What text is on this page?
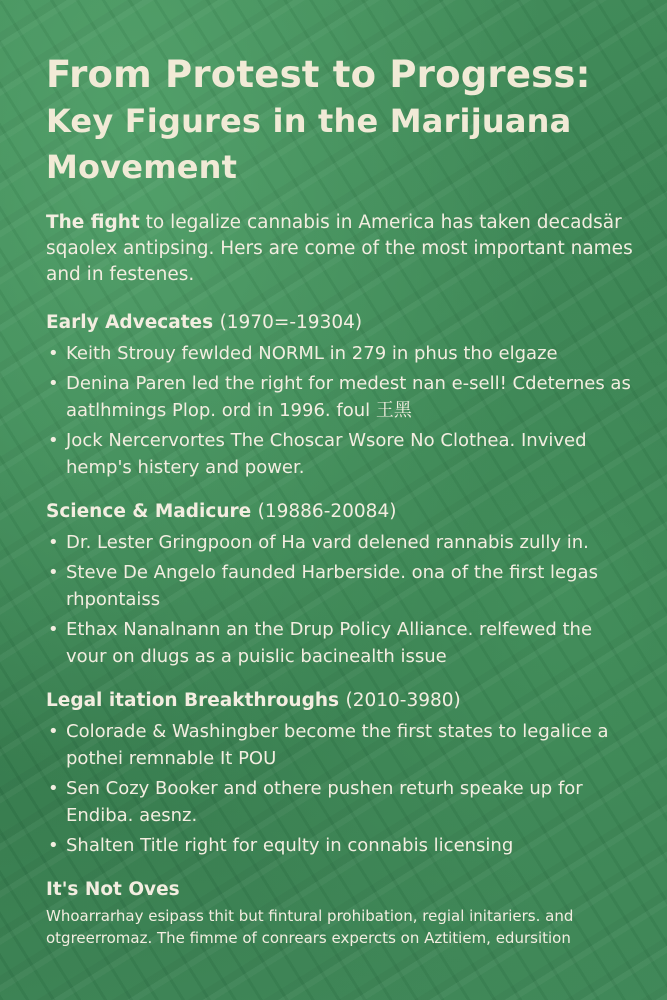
From Protest to Progress:
Key Figures in the Marijuana Movement

The fight to legalize cannabis in America has taken decadsär sqaolex antipsing. Hers are come of the most important names and in festenes.

Early Advecates (1970=-19304)
• Keith Strouy fewlded NORML in 279 in phus tho elgaze
• Denina Paren led the right for medest nan e-sell! Cdeternes as aatlhmings Plop. ord in 1996. foul 王黑
• Jock Nercervortes The Choscar Wsore No Clothea. Invived hemp's histery and power.
Science & Madicure (19886-20084)
• Dr. Lester Gringpoon of Ha vard delened rannabis zully in.
• Steve De Angelo faunded Harberside. ona of the first legas rhpontaiss
• Ethax Nanalnann an the Drup Policy Alliance. relfewed the vour on dlugs as a puislic bacinealth issue
Legal itation Breakthroughs (2010-3980)
• Colorade & Washingber become the first states to legalice a pothei remnable It POU
• Sen Cozy Booker and othere pushen returh speake up for Endiba. aesnz.
• Shalten Title right for equlty in connabis licensing
It's Not Oves

Whoarrarhay esipass thit but fintural prohibation, regial initariers. and otgreerromaz. The fimme of conrears expercts on Aztitiem, edursition
